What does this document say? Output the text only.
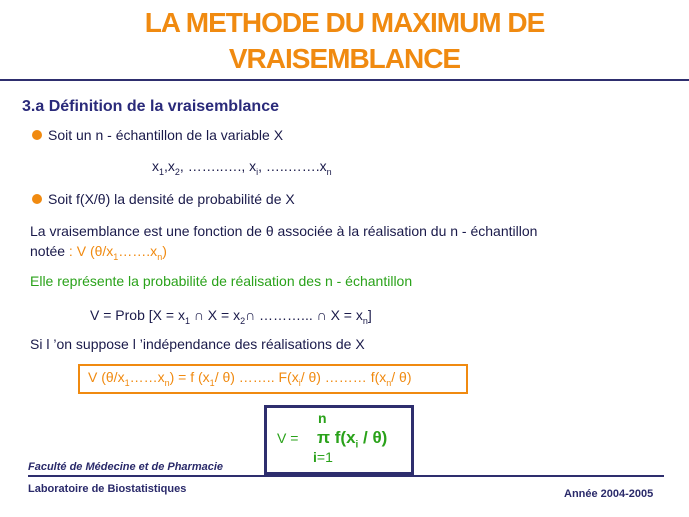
LA METHODE DU MAXIMUM DE
VRAISEMBLANCE
3.a Définition de la vraisemblance
Soit un n - échantillon de la variable X
$x_1,x_2$, ……..…., $x_i$, $\dots..\dots\dots.x_n$
Soit f(X/θ) la densité de probabilité de X
La vraisemblance est une fonction de θ associée à la réalisation du n - échantillon
notée : V $(\theta/x_1\dots\dots.x_n)$
Elle représente la probabilité de réalisation des n - échantillon
V = Prob [$X = x_1$ ∩ $X = x_2\cap$ ………... ∩ $X = x_n$]
Si l ’on suppose l ’indépendance des réalisations de X
V $(\theta/x_1\dots\dots x_n) = f$ ($x_1/$ θ) …….. $F(x_i/$ θ) ……… $f(x_n/$ θ)
V =
n
π $f(x_i / \theta)$
i=1
Faculté de Médecine et de Pharmacie
Laboratoire de Biostatistiques	Année 2004-2005
